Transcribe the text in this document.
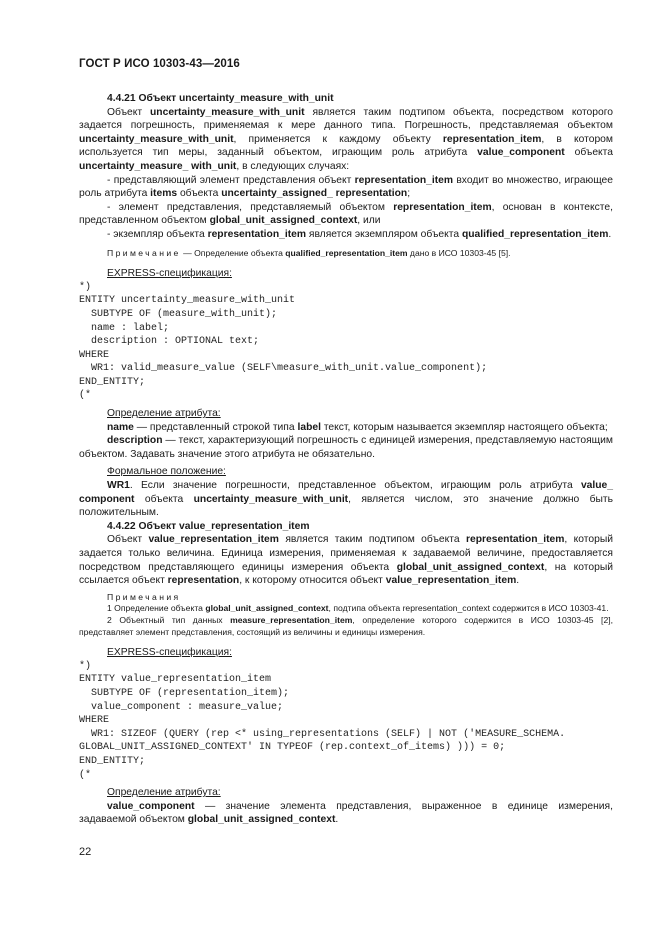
ГОСТ Р ИСО 10303-43—2016

4.4.21 Объект uncertainty_measure_with_unit

Объект uncertainty_measure_with_unit является таким подтипом объекта, посредством которого задается погрешность, применяемая к мере данного типа. Погрешность, представляемая объектом uncertainty_measure_with_unit, применяется к каждому объекту representation_item, в котором используется тип меры, заданный объектом, играющим роль атрибута value_component объекта uncertainty_measure_ with_unit, в следующих случаях:

- представляющий элемент представления объект representation_item входит во множество, играющее роль атрибута items объекта uncertainty_assigned_ representation;

- элемент представления, представляемый объектом representation_item, основан в контексте, представленном объектом global_unit_assigned_context, или

- экземпляр объекта representation_item является экземпляром объекта qualified_representation_item.

Примечание — Определение объекта qualified_representation_item дано в ИСО 10303-45 [5].

EXPRESS-спецификация:

*)
ENTITY uncertainty_measure_with_unit
SUBTYPE OF (measure_with_unit);
name : label;
description : OPTIONAL text;
WHERE
WR1: valid_measure_value (SELF\measure_with_unit.value_component);
END_ENTITY;
(*

Определение атрибута:

name — представленный строкой типа label текст, которым называется экземпляр настоящего объекта;

description — текст, характеризующий погрешность с единицей измерения, представляемую настоящим объектом. Задавать значение этого атрибута не обязательно.

Формальное положение:

WR1. Если значение погрешности, представленное объектом, играющим роль атрибута value_ component объекта uncertainty_measure_with_unit, является числом, это значение должно быть положительным.

4.4.22 Объект value_representation_item

Объект value_representation_item является таким подтипом объекта representation_item, который задается только величина. Единица измерения, применяемая к задаваемой величине, предоставляется посредством представляющего единицы измерения объекта global_unit_assigned_context, на который ссылается объект representation, к которому относится объект value_representation_item.

Примечания

1 Определение объекта global_unit_assigned_context, подтипа объекта representation_context содержится в ИСО 10303-41.

2 Объектный тип данных measure_representation_item, определение которого содержится в ИСО 10303-45 [2], представляет элемент представления, состоящий из величины и единицы измерения.

EXPRESS-спецификация:

*)
ENTITY value_representation_item
SUBTYPE OF (representation_item);
value_component : measure_value;
WHERE
WR1: SIZEOF (QUERY (rep <* using_representations (SELF) | NOT ('MEASURE_SCHEMA.
GLOBAL_UNIT_ASSIGNED_CONTEXT' IN TYPEOF (rep.context_of_items) ))) = 0;
END_ENTITY;
(*

Определение атрибута:

value_component — значение элемента представления, выраженное в единице измерения, задаваемой объектом global_unit_assigned_context.

22
